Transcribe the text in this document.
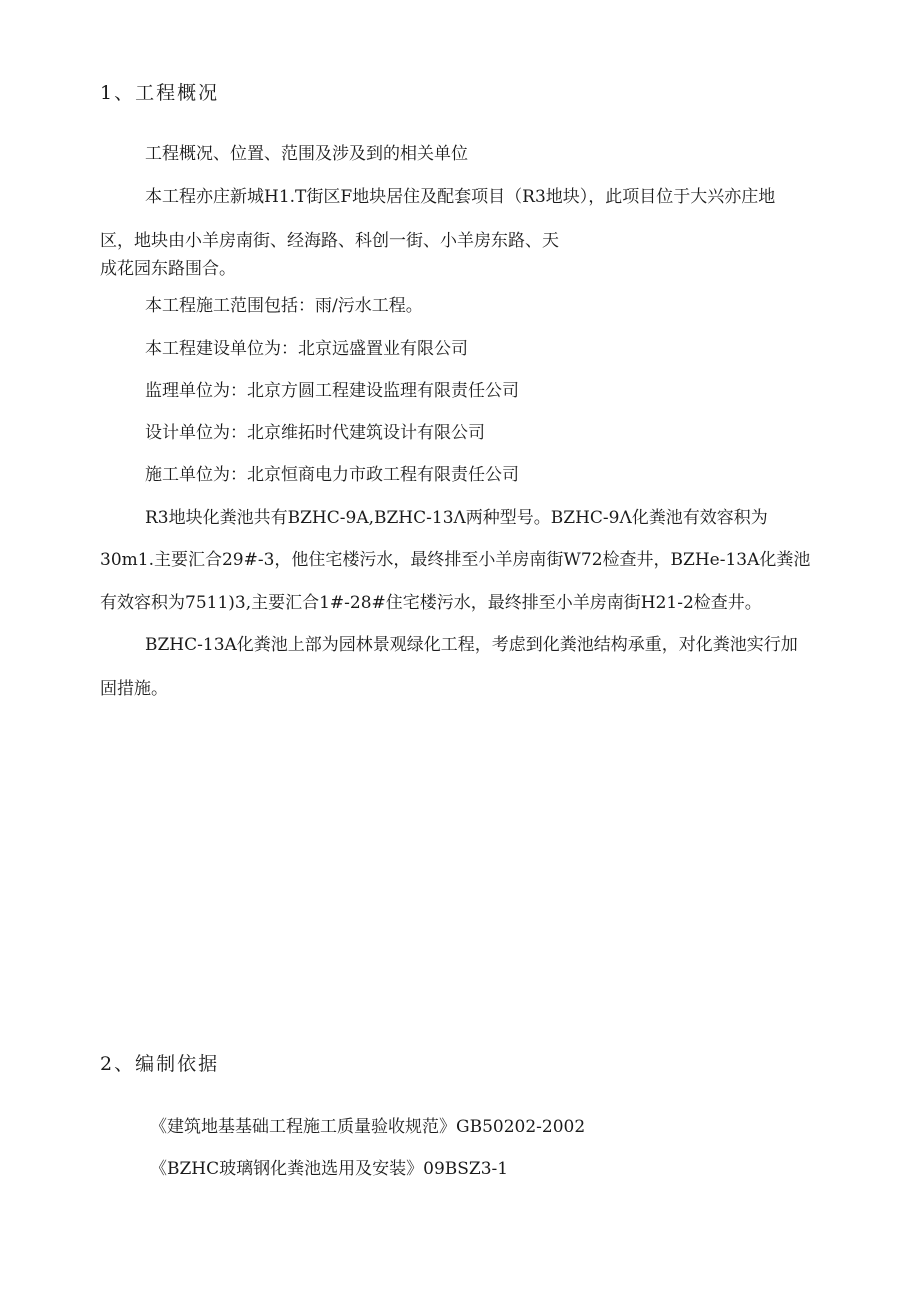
1、工程概况

工程概况、位置、范围及涉及到的相关单位

本工程亦庄新城H1.T街区F地块居住及配套项目（R3地块），此项目位于大兴亦庄地

区，地块由小羊房南街、经海路、科创一街、小羊房东路、天

成花园东路围合。

本工程施工范围包括：雨/污水工程。

本工程建设单位为：北京远盛置业有限公司

监理单位为：北京方圆工程建设监理有限责任公司

设计单位为：北京维拓时代建筑设计有限公司

施工单位为：北京恒商电力市政工程有限责任公司

R3地块化粪池共有BZHC-9A,BZHC-13Λ两种型号。BZHC-9Λ化粪池有效容积为

30m1.主要汇合29#-3，他住宅楼污水，最终排至小羊房南街W72检查井，BZHe-13A化粪池

有效容积为7511)3,主要汇合1#-28#住宅楼污水，最终排至小羊房南街H21-2检查井。

BZHC-13A化粪池上部为园林景观绿化工程，考虑到化粪池结构承重，对化粪池实行加

固措施。

2、编制依据

《建筑地基基础工程施工质量验收规范》GB50202-2002

《BZHC玻璃钢化粪池选用及安装》09BSZ3-1
